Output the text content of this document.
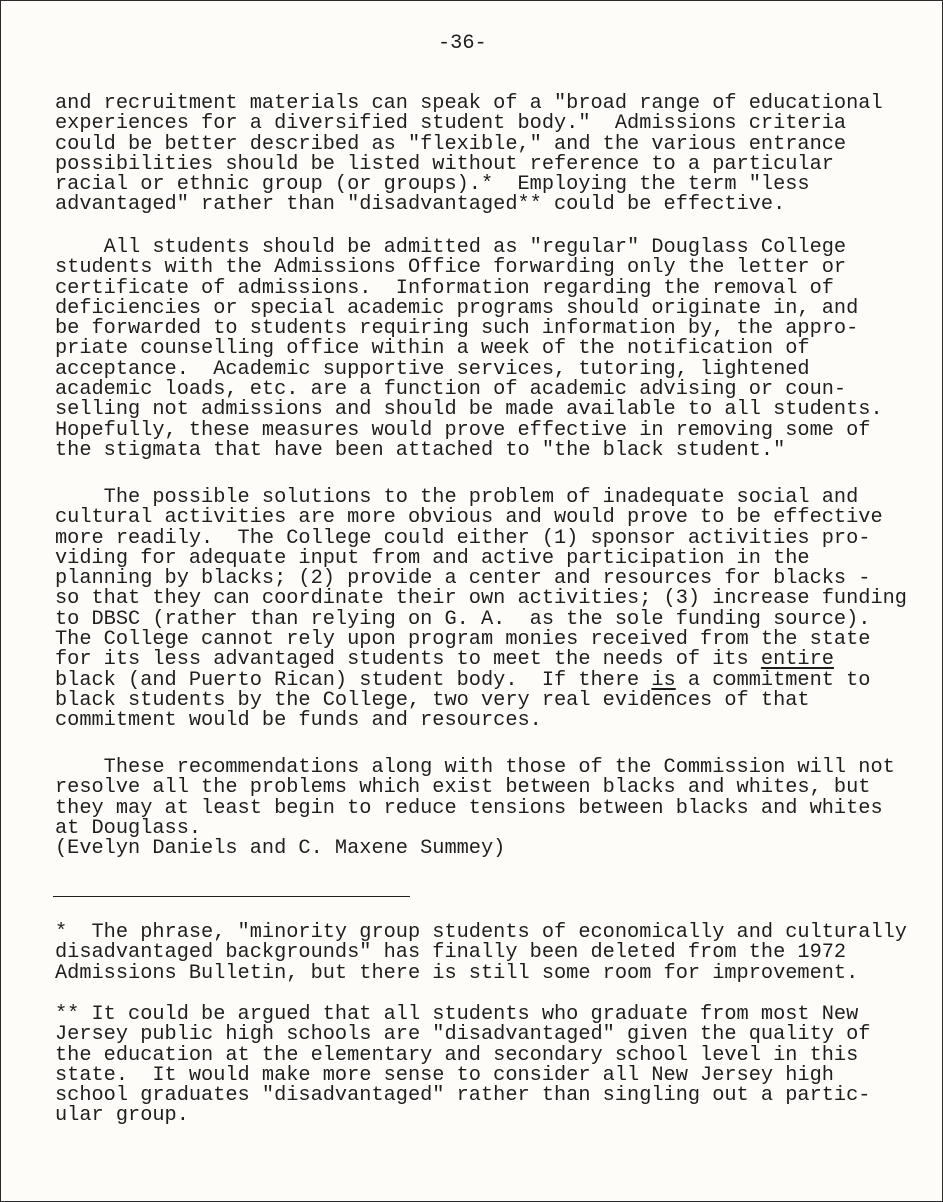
-36-
and recruitment materials can speak of a "broad range of educational
experiences for a diversified student body."  Admissions criteria
could be better described as "flexible," and the various entrance
possibilities should be listed without reference to a particular
racial or ethnic group (or groups).*  Employing the term "less
advantaged" rather than "disadvantaged** could be effective.
All students should be admitted as "regular" Douglass College
students with the Admissions Office forwarding only the letter or
certificate of admissions.  Information regarding the removal of
deficiencies or special academic programs should originate in, and
be forwarded to students requiring such information by, the appro-
priate counselling office within a week of the notification of
acceptance.  Academic supportive services, tutoring, lightened
academic loads, etc. are a function of academic advising or coun-
selling not admissions and should be made available to all students.
Hopefully, these measures would prove effective in removing some of
the stigmata that have been attached to "the black student."
The possible solutions to the problem of inadequate social and
cultural activities are more obvious and would prove to be effective
more readily.  The College could either (1) sponsor activities pro-
viding for adequate input from and active participation in the
planning by blacks; (2) provide a center and resources for blacks -
so that they can coordinate their own activities; (3) increase funding
to DBSC (rather than relying on G. A.  as the sole funding source).
The College cannot rely upon program monies received from the state
for its less advantaged students to meet the needs of its entire
black (and Puerto Rican) student body.  If there is a commitment to
black students by the College, two very real evidences of that
commitment would be funds and resources.
These recommendations along with those of the Commission will not
resolve all the problems which exist between blacks and whites, but
they may at least begin to reduce tensions between blacks and whites
at Douglass.
(Evelyn Daniels and C. Maxene Summey)
*  The phrase, "minority group students of economically and culturally
disadvantaged backgrounds" has finally been deleted from the 1972
Admissions Bulletin, but there is still some room for improvement.
** It could be argued that all students who graduate from most New
Jersey public high schools are "disadvantaged" given the quality of
the education at the elementary and secondary school level in this
state.  It would make more sense to consider all New Jersey high
school graduates "disadvantaged" rather than singling out a partic-
ular group.
